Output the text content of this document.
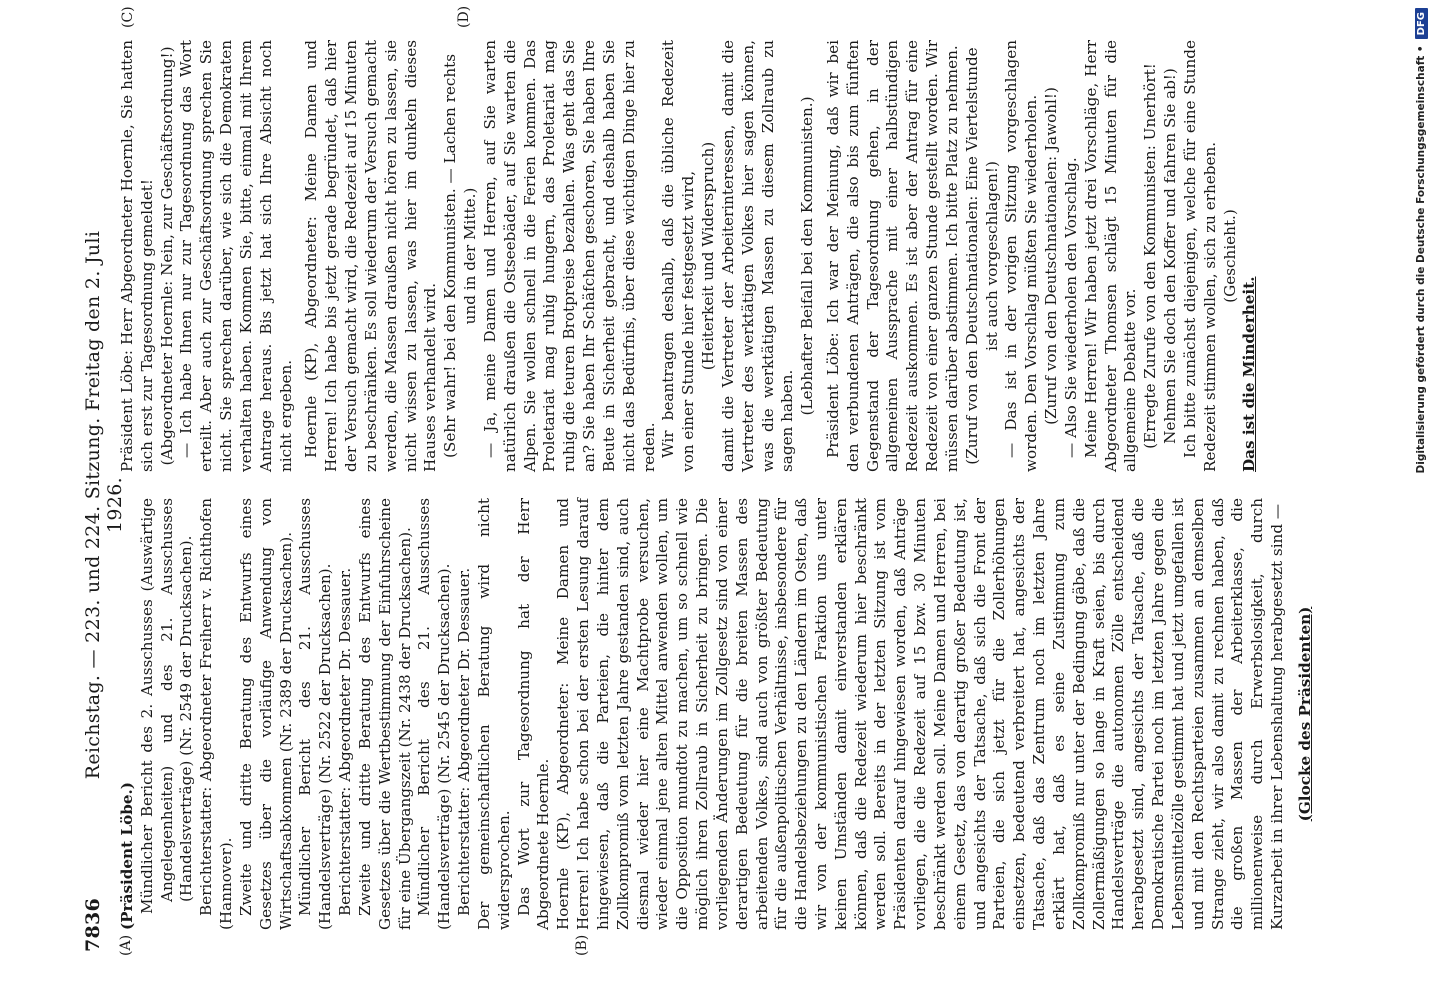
7836
Reichstag. — 223. und 224. Sitzung. Freitag den 2. Juli 1926.
(A)	(B)
(C)	(D)

(Präsident Löbe.) Mündlicher Bericht des 2. Ausschusses (Auswärtige Angelegenheiten) und des 21. Ausschusses (Handelsverträge) (Nr. 2549 der Drucksachen). Berichterstatter: Abgeordneter Freiherr v. Richthofen (Hannover). Zweite und dritte Beratung des Entwurfs eines Gesetzes über die vorläufige Anwendung von Wirtschaftsabkommen (Nr. 2389 der Drucksachen). Mündlicher Bericht des 21. Ausschusses (Handelsverträge) (Nr. 2522 der Drucksachen). Berichterstatter: Abgeordneter Dr. Dessauer. Zweite und dritte Beratung des Entwurfs eines Gesetzes über die Wertbestimmung der Einfuhrscheine für eine Übergangszeit (Nr. 2438 der Drucksachen). Mündlicher Bericht des 21. Ausschusses (Handelsverträge) (Nr. 2545 der Drucksachen). Berichterstatter: Abgeordneter Dr. Dessauer. Der gemeinschaftlichen Beratung wird nicht widersprochen. Das Wort zur Tagesordnung hat der Herr Abgeordnete Hoernle. Hoernle (KP), Abgeordneter: Meine Damen und Herren! Ich habe schon bei der ersten Lesung darauf hingewiesen, daß die Parteien, die hinter dem Zollkompromiß vom letzten Jahre gestanden sind, auch diesmal wieder hier eine Machtprobe versuchen, wieder einmal jene alten Mittel anwenden wollen, um die Opposition mundtot zu machen, um so schnell wie möglich ihren Zollraub in Sicherheit zu bringen. Die vorliegenden Änderungen im Zollgesetz sind von einer derartigen Bedeutung für die breiten Massen des arbeitenden Volkes, sind auch von größter Bedeutung für die außenpolitischen Verhältnisse, insbesondere für die Handelsbeziehungen zu den Ländern im Osten, daß wir von der kommunistischen Fraktion uns unter keinen Umständen damit einverstanden erklären können, daß die Redezeit wiederum hier beschränkt werden soll. Bereits in der letzten Sitzung ist vom Präsidenten darauf hingewiesen worden, daß Anträge vorliegen, die die Redezeit auf 15 bzw. 30 Minuten beschränkt werden soll. Meine Damen und Herren, bei einem Gesetz, das von derartig großer Bedeutung ist, und angesichts der Tatsache, daß sich die Front der Parteien, die sich jetzt für die Zollerhöhungen einsetzen, bedeutend verbreitert hat, angesichts der Tatsache, daß das Zentrum noch im letzten Jahre erklärt hat, daß es seine Zustimmung zum Zollkompromiß nur unter der Bedingung gäbe, daß die Zollermäßigungen so lange in Kraft seien, bis durch Handelsverträge die autonomen Zölle entscheidend herabgesetzt sind, angesichts der Tatsache, daß die Demokratische Partei noch im letzten Jahre gegen die Lebensmittelzölle gestimmt hat und jetzt umgefallen ist und mit den Rechtsparteien zusammen an demselben Strange zieht, wir also damit zu rechnen haben, daß die großen Massen der Arbeiterklasse, die millionenweise durch Erwerbslosigkeit, durch Kurzarbeit in ihrer Lebenshaltung herabgesetzt sind — (Glocke des Präsidenten)

Präsident Löbe: Herr Abgeordneter Hoernle, Sie hatten sich erst zur Tagesordnung gemeldet! (Abgeordneter Hoernle: Nein, zur Geschäftsordnung!) — Ich habe Ihnen nur zur Tagesordnung das Wort erteilt. Aber auch zur Geschäftsordnung sprechen Sie nicht. Sie sprechen darüber, wie sich die Demokraten verhalten haben. Kommen Sie, bitte, einmal mit Ihrem Antrage heraus. Bis jetzt hat sich Ihre Absicht noch nicht ergeben. Hoernle (KP), Abgeordneter: Meine Damen und Herren! Ich habe bis jetzt gerade begründet, daß hier der Versuch gemacht wird, die Redezeit auf 15 Minuten zu beschränken. Es soll wiederum der Versuch gemacht werden, die Massen draußen nicht hören zu lassen, sie nicht wissen zu lassen, was hier im dunkeln dieses Hauses verhandelt wird. (Sehr wahr! bei den Kommunisten. — Lachen rechts und in der Mitte.) — Ja, meine Damen und Herren, auf Sie warten natürlich draußen die Ostseebäder, auf Sie warten die Alpen. Sie wollen schnell in die Ferien kommen. Das Proletariat mag ruhig hungern, das Proletariat mag ruhig die teuren Brotpreise bezahlen. Was geht das Sie an? Sie haben Ihr Schäfchen geschoren, Sie haben Ihre Beute in Sicherheit gebracht, und deshalb haben Sie nicht das Bedürfnis, über diese wichtigen Dinge hier zu reden. Wir beantragen deshalb, daß die übliche Redezeit von einer Stunde hier festgesetzt wird, (Heiterkeit und Widerspruch) damit die Vertreter der Arbeiterinteressen, damit die Vertreter des werktätigen Volkes hier sagen können, was die werktätigen Massen zu diesem Zollraub zu sagen haben.

(Lebhafter Beifall bei den Kommunisten.) Präsident Löbe: Ich war der Meinung, daß wir bei den verbundenen Anträgen, die also bis zum fünften Gegenstand der Tagesordnung gehen, in der allgemeinen Aussprache mit einer halbstündigen Redezeit auskommen. Es ist aber der Antrag für eine Redezeit von einer ganzen Stunde gestellt worden. Wir müssen darüber abstimmen. Ich bitte Platz zu nehmen. (Zuruf von den Deutschnationalen: Eine Viertelstunde ist auch vorgeschlagen!) — Das ist in der vorigen Sitzung vorgeschlagen worden. Den Vorschlag müßten Sie wiederholen. (Zuruf von den Deutschnationalen: Jawohl!) — Also Sie wiederholen den Vorschlag. Meine Herren! Wir haben jetzt drei Vorschläge, Herr Abgeordneter Thomsen schlägt 15 Minuten für die allgemeine Debatte vor. (Erregte Zurufe von den Kommunisten: Unerhört! Nehmen Sie doch den Koffer und fahren Sie ab!) Ich bitte zunächst diejenigen, welche für eine Stunde Redezeit stimmen wollen, sich zu erheben. (Geschieht.)

Das ist die Minderheit.	Digitalisierung gefördert durch die Deutsche Forschungsgemeinschaft •
DFG
